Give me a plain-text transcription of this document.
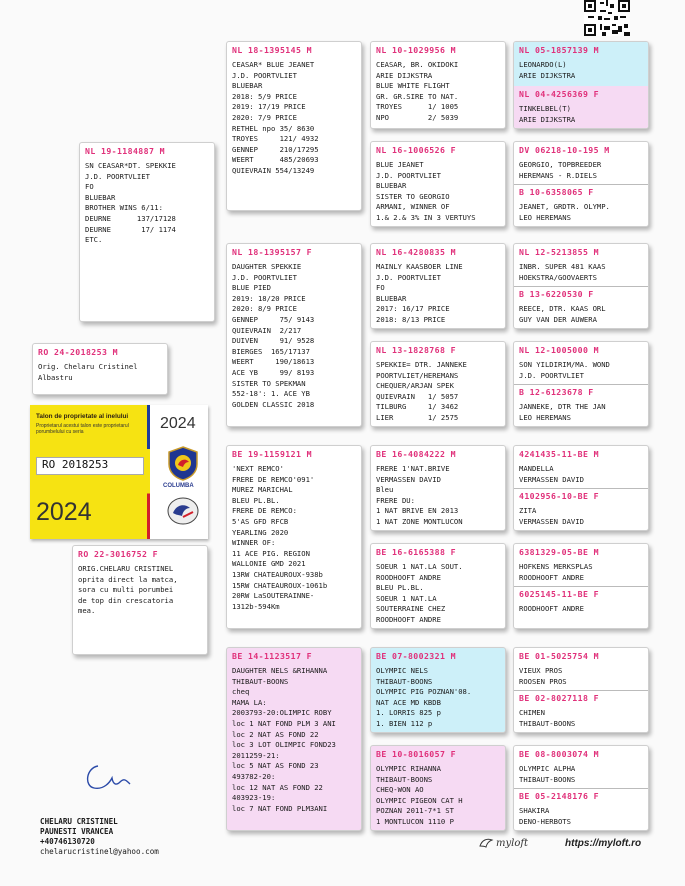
NL 18-1395145 M
CEASAR* BLUE JEANET
J.D. POORTVLIET
BLUEBAR
2018: 5/9 PRICE
2019: 17/19 PRICE
2020: 7/9 PRICE
RETHEL npo 35/ 8630
TROYES     121/ 4932
GENNEP     210/17295
WEERT      485/20693
QUIEVRAIN 554/13249
NL 18-1395157 F
DAUGHTER SPEKKIE
J.D. POORTVLIET
BLUE PIED
2019: 18/20 PRICE
2020: 8/9 PRICE
GENNEP     75/ 9143
QUIEVRAIN  2/217
DUIVEN     91/ 9528
BIERGES  165/17137
WEERT     190/18613
ACE YB     99/ 8193
SISTER TO SPEKMAN
552-18': 1. ACE YB
GOLDEN CLASSIC 2018
BE 19-1159121 M
'NEXT REMCO'
FRERE DE REMCO'091'
MUREZ MARICHAL
BLEU PL.BL.
FRERE DE REMCO:
5'AS GFD RFCB
YEARLING 2020
WINNER OF:
11 ACE PIG. REGION
WALLONIE GMD 2021
13RW CHATEAUROUX-938b
15RW CHATEAUROUX-1061b
20RW LaSOUTERAINNE-
1312b-594Km
BE 14-1123517 F
DAUGHTER NELS &RIHANNA
THIBAUT-BOONS
cheq
MAMA LA:
2003793-20:OLIMPIC ROBY
loc 1 NAT FOND PLM 3 ANI
loc 2 NAT AS FOND 22
loc 3 LOT OLIMPIC FOND23
2011259-21:
loc 5 NAT AS FOND 23
493782-20:
loc 12 NAT AS FOND 22
403923-19:
loc 7 NAT FOND PLM3ANI
NL 19-1184887 M
SN CEASAR*DT. SPEKKIE
J.D. POORTVLIET
FO
BLUEBAR
BROTHER WINS 6/11:
DEURNE      137/17128
DEURNE       17/ 1174
ETC.
RO 24-2018253 M
Orig. Chelaru Cristinel
Albastru
Talon de proprietate al inelului
Proprietarul acestui talon este proprietarul porumbelului cu seria
RO 2018253
2024
2024
COLUMBA
RO 22-3016752 F
ORIG.CHELARU CRISTINEL
oprita direct la matca,
sora cu multi porumbei
de top din crescatoria
mea.
NL 10-1029956 M
CEASAR, BR. OKIDOKI
ARIE DIJKSTRA
BLUE WHITE FLIGHT
GR. GR.SIRE TO NAT.
TROYES      1/ 1005
NPO         2/ 5039
NL 16-1006526 F
BLUE JEANET
J.D. POORTVLIET
BLUEBAR
SISTER TO GEORGIO
ARMANI, WINNER OF
1.& 2.& 3% IN 3 VERTUYS
NL 16-4280835 M
MAINLY KAASBOER LINE
J.D. POORTVLIET
FO
BLUEBAR
2017: 16/17 PRICE
2018: 8/13 PRICE
NL 13-1828768 F
SPEKKIE= DTR. JANNEKE
POORTVLIET/HEREMANS
CHEQUER/ARJAN SPEK
QUIEVRAIN   1/ 5057
TILBURG     1/ 3462
LIER        1/ 2575
BE 16-4084222 M
FRERE 1'NAT.BRIVE
VERMASSEN DAVID
Bleu
FRERE DU:
1 NAT BRIVE EN 2013
1 NAT ZONE MONTLUCON
BE 16-6165388 F
SOEUR 1 NAT.LA SOUT.
ROODHOOFT ANDRE
BLEU PL.BL.
SOEUR 1 NAT.LA
SOUTERRAINE CHEZ
ROODHOOFT ANDRE
BE 07-8002321 M
OLYMPIC NELS
THIBAUT-BOONS
OLYMPIC PIG POZNAN'08.
NAT ACE MD KBDB
1. LORRIS 825 p
1. BIEN 112 p
BE 10-8016057 F
OLYMPIC RIHANNA
THIBAUT-BOONS
CHEQ-WON AO
OLYMPIC PIGEON CAT H
POZNAN 2011-7*1 ST
1 MONTLUCON 1110 P
NL 05-1857139 M
LEONARDO(L)
ARIE DIJKSTRA
NL 04-4256369 F
TINKELBEL(T)
ARIE DIJKSTRA
DV 06218-10-195 M
GEORGIO, TOPBREEDER
HEREMANS - R.DIELS
B 10-6358065 F
JEANET, GRDTR. OLYMP.
LEO HEREMANS
NL 12-5213855 M
INBR. SUPER 481 KAAS
HOEKSTRA/GOOVAERTS
B 13-6220530 F
REECE, DTR. KAAS ORL
GUY VAN DER AUWERA
NL 12-1005000 M
SON YILDIRIM/MA. WOND
J.D. POORTVLIET
B 12-6123678 F
JANNEKE, DTR THE JAN
LEO HEREMANS
4241435-11-BE M
MANDELLA
VERMASSEN DAVID
4102956-10-BE F
ZITA
VERMASSEN DAVID
6381329-05-BE M
HOFKENS MERKSPLAS
ROODHOOFT ANDRE
6025145-11-BE F
ROODHOOFT ANDRE
BE 01-5025754 M
VIEUX PROS
ROOSEN PROS
BE 02-8027118 F
CHIMEN
THIBAUT-BOONS
BE 08-8003074 M
OLYMPIC ALPHA
THIBAUT-BOONS
BE 05-2148176 F
SHAKIRA
DENO-HERBOTS
CHELARU CRISTINEL
PAUNESTI VRANCEA
+40746130720
chelarucristinel@yahoo.com
myloft	https://myloft.ro
